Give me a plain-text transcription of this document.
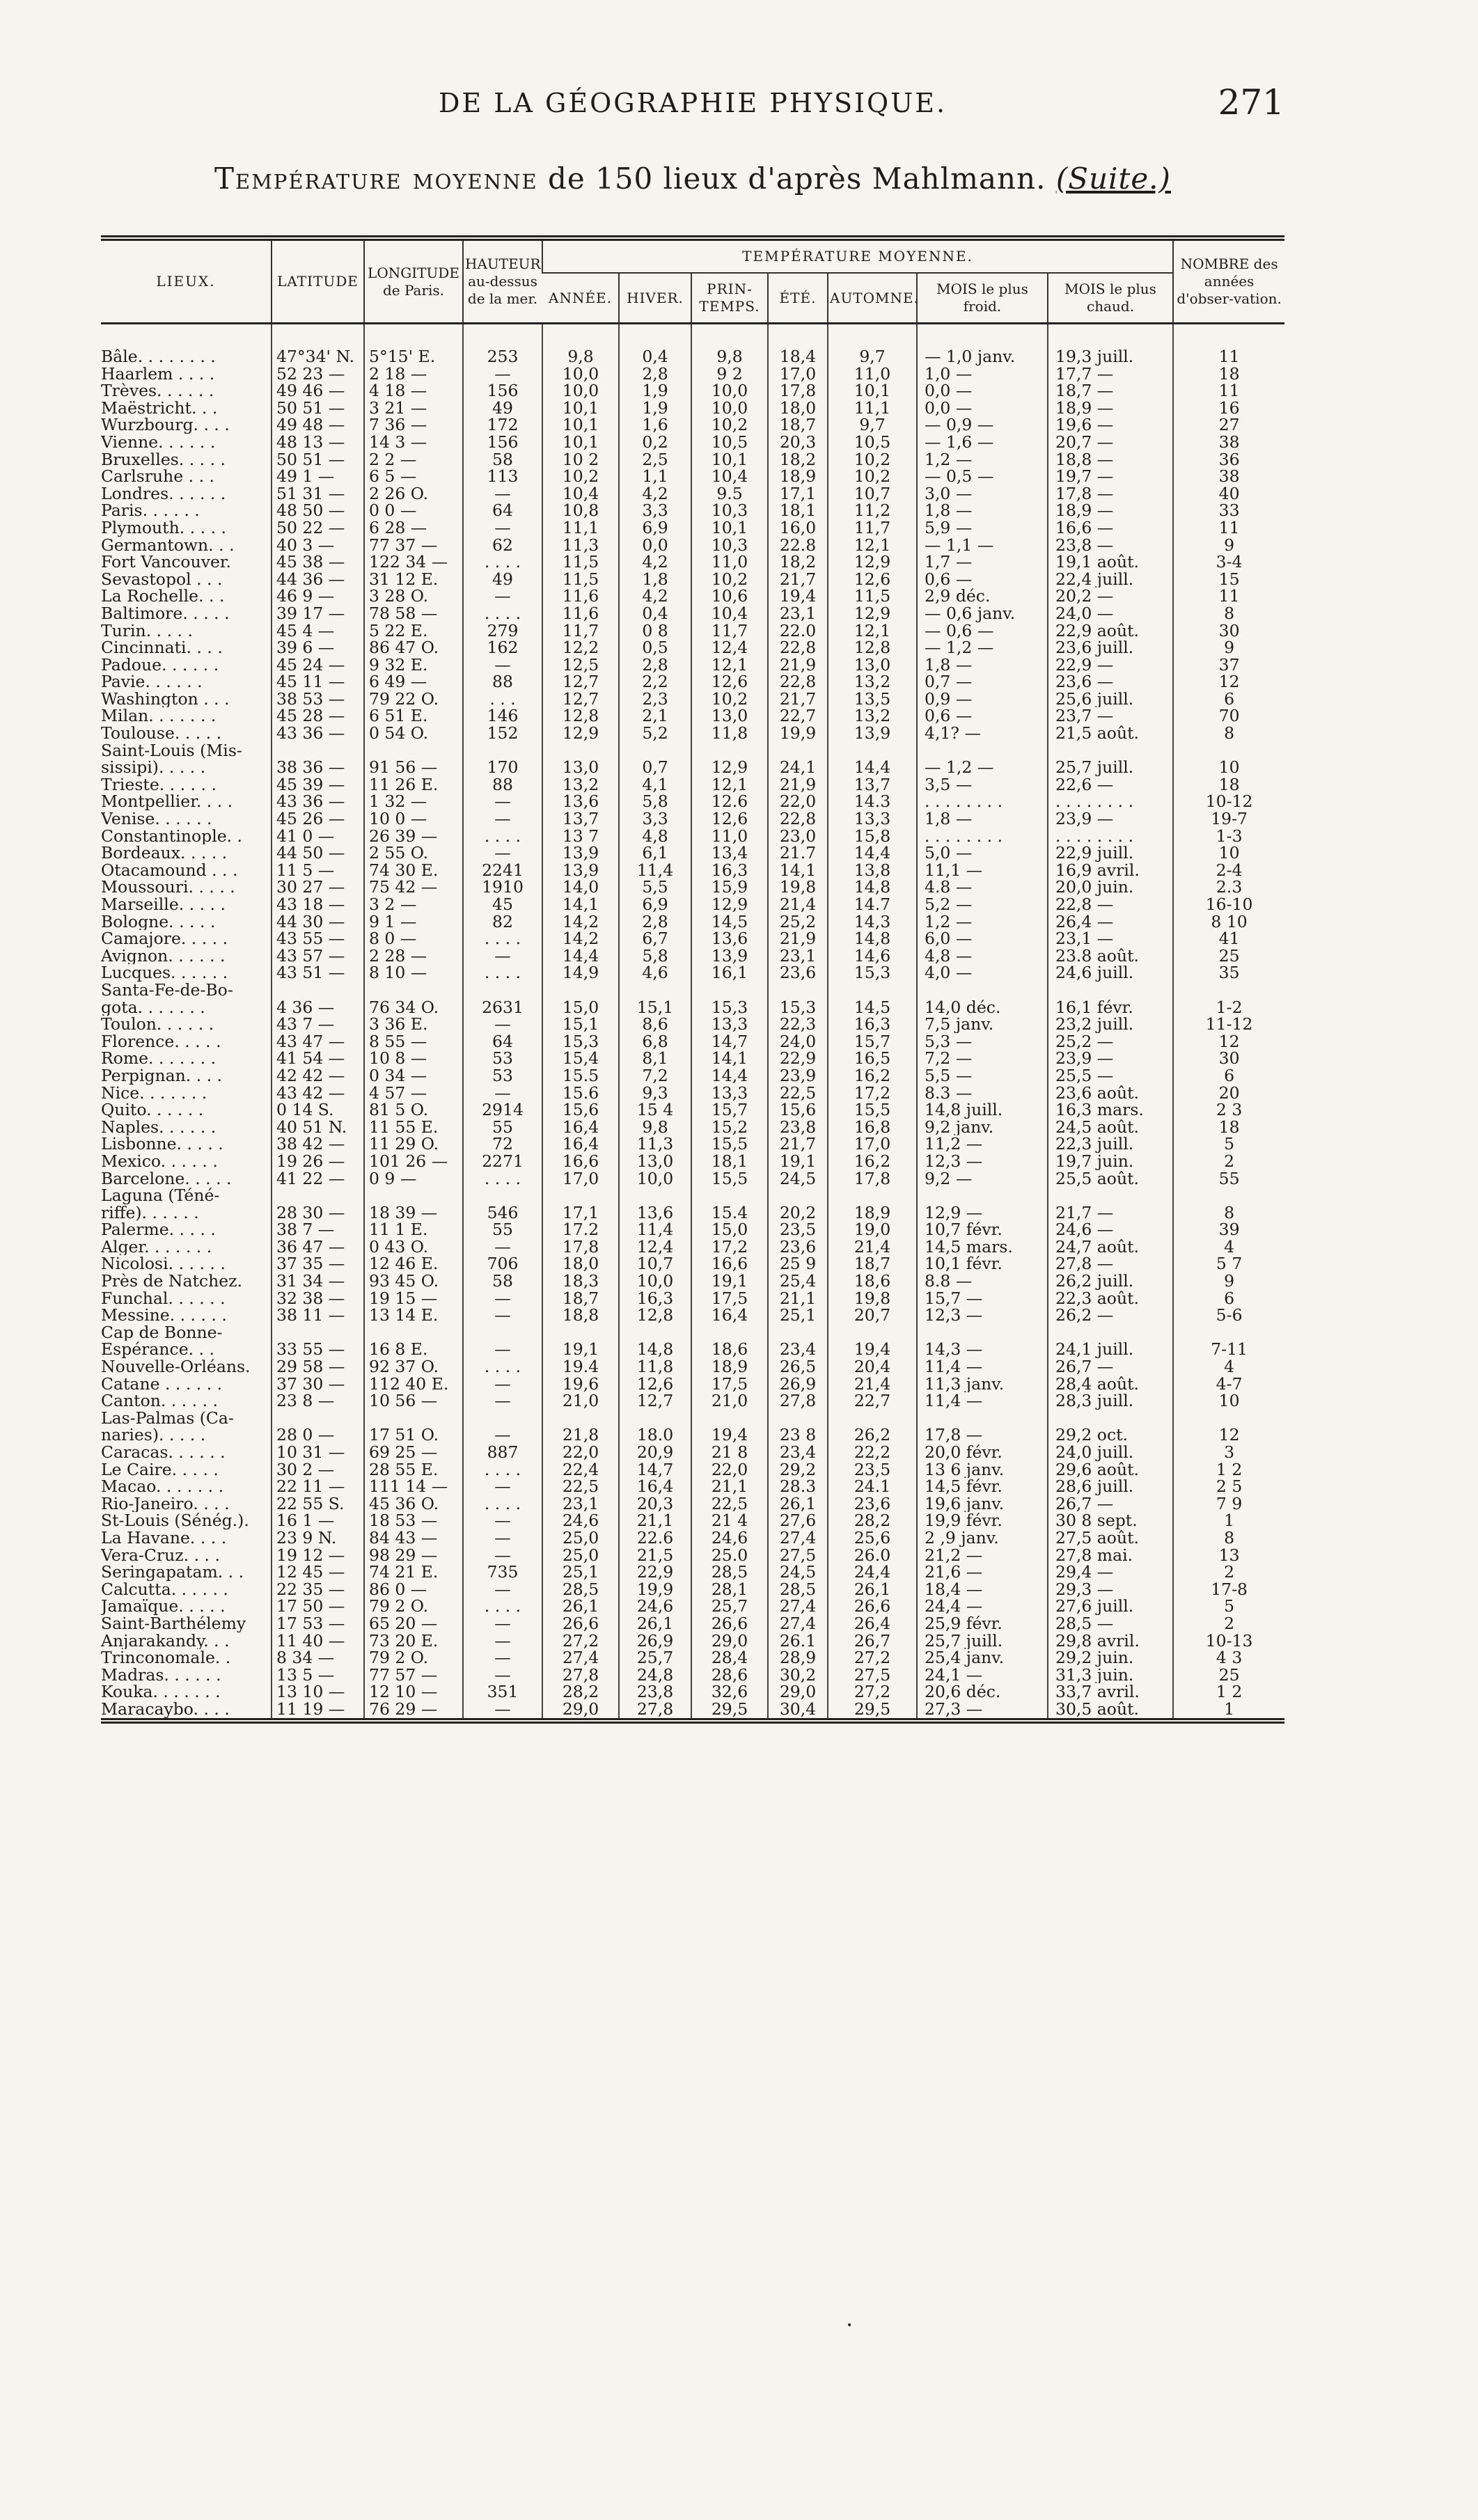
DE LA GÉOGRAPHIE PHYSIQUE.	271
Température moyenne de 150 lieux d'après Mahlmann. (Suite.)
LIEUX.	LATITUDE	LONGITUDE de Paris.	HAUTEUR au-dessus de la mer.	TEMPÉRATURE MOYENNE.							NOMBRE des années d'obser-vation.
				ANNÉE.	HIVER.	PRIN-TEMPS.	ÉTÉ.	AUTOMNE.	MOIS le plus froid.	MOIS le plus chaud.	

Bâle. . . . . . . .	47°34' N.	5°15' E.	253	9,8	0,4	9,8	18,4	9,7	— 1,0 janv.	19,3 juill.	11
Haarlem . . . .	52 23 —	2 18 —	—	10,0	2,8	9 2	17,0	11,0	1,0 —	17,7 —	18
Trèves. . . . . .	49 46 —	4 18 —	156	10,0	1,9	10,0	17,8	10,1	0,0 —	18,7 —	11
Maëstricht. . .	50 51 —	3 21 —	49	10,1	1,9	10,0	18,0	11,1	0,0 —	18,9 —	16
Wurzbourg. . . .	49 48 —	7 36 —	172	10,1	1,6	10,2	18,7	9,7	— 0,9 —	19,6 —	27
Vienne. . . . . .	48 13 —	14 3 —	156	10,1	0,2	10,5	20,3	10,5	— 1,6 —	20,7 —	38
Bruxelles. . . . .	50 51 —	2 2 —	58	10 2	2,5	10,1	18,2	10,2	1,2 —	18,8 —	36
Carlsruhe . . .	49 1 —	6 5 —	113	10,2	1,1	10,4	18,9	10,2	— 0,5 —	19,7 —	38
Londres. . . . . .	51 31 —	2 26 O.	—	10,4	4,2	9.5	17,1	10,7	3,0 —	17,8 —	40
Paris. . . . . .	48 50 —	0 0 —	64	10,8	3,3	10,3	18,1	11,2	1,8 —	18,9 —	33
Plymouth. . . . .	50 22 —	6 28 —	—	11,1	6,9	10,1	16,0	11,7	5,9 —	16,6 —	11
Germantown. . .	40 3 —	77 37 —	62	11,3	0,0	10,3	22.8	12,1	— 1,1 —	23,8 —	9
Fort Vancouver.	45 38 —	122 34 —	. . . .	11,5	4,2	11,0	18,2	12,9	1,7 —	19,1 août.	3-4
Sevastopol . . .	44 36 —	31 12 E.	49	11,5	1,8	10,2	21,7	12,6	0,6 —	22,4 juill.	15
La Rochelle. . .	46 9 —	3 28 O.	—	11,6	4,2	10,6	19,4	11,5	2,9 déc.	20,2 —	11
Baltimore. . . . .	39 17 —	78 58 —	. . . .	11,6	0,4	10,4	23,1	12,9	— 0,6 janv.	24,0 —	8
Turin. . . . .	45 4 —	5 22 E.	279	11,7	0 8	11,7	22.0	12,1	— 0,6 —	22,9 août.	30
Cincinnati. . . .	39 6 —	86 47 O.	162	12,2	0,5	12,4	22,8	12,8	— 1,2 —	23,6 juill.	9
Padoue. . . . . .	45 24 —	9 32 E.	—	12,5	2,8	12,1	21,9	13,0	1,8 —	22,9 —	37
Pavie. . . . . .	45 11 —	6 49 —	88	12,7	2,2	12,6	22,8	13,2	0,7 —	23,6 —	12
Washington . . .	38 53 —	79 22 O.	. . .	12,7	2,3	10,2	21,7	13,5	0,9 —	25,6 juill.	6
Milan. . . . . . .	45 28 —	6 51 E.	146	12,8	2,1	13,0	22,7	13,2	0,6 —	23,7 —	70
Toulouse. . . . .	43 36 —	0 54 O.	152	12,9	5,2	11,8	19,9	13,9	4,1? —	21,5 août.	8
Saint-Louis (Mis-											
sissipi). . . . .	38 36 —	91 56 —	170	13,0	0,7	12,9	24,1	14,4	— 1,2 —	25,7 juill.	10
Trieste. . . . . .	45 39 —	11 26 E.	88	13,2	4,1	12,1	21,9	13,7	3,5 —	22,6 —	18
Montpellier. . . .	43 36 —	1 32 —	—	13,6	5,8	12.6	22,0	14.3	. . . . . . . .	. . . . . . . .	10-12
Venise. . . . . .	45 26 —	10 0 —	—	13,7	3,3	12,6	22,8	13,3	1,8 —	23,9 —	19-7
Constantinople. .	41 0 —	26 39 —	. . . .	13 7	4,8	11,0	23,0	15,8	. . . . . . . .	. . . . . . . .	1-3
Bordeaux. . . . .	44 50 —	2 55 O.	—	13,9	6,1	13,4	21.7	14,4	5,0 —	22,9 juill.	10
Otacamound . . .	11 5 —	74 30 E.	2241	13,9	11,4	16,3	14,1	13,8	11,1 —	16,9 avril.	2-4
Moussouri. . . . .	30 27 —	75 42 —	1910	14,0	5,5	15,9	19,8	14,8	4.8 —	20,0 juin.	2.3
Marseille. . . . .	43 18 —	3 2 —	45	14,1	6,9	12,9	21,4	14.7	5,2 —	22,8 —	16-10
Bologne. . . . .	44 30 —	9 1 —	82	14,2	2,8	14,5	25,2	14,3	1,2 —	26,4 —	8 10
Camajore. . . . .	43 55 —	8 0 —	. . . .	14,2	6,7	13,6	21,9	14,8	6,0 —	23,1 —	41
Avignon. . . . . .	43 57 —	2 28 —	—	14,4	5,8	13,9	23,1	14,6	4,8 —	23.8 août.	25
Lucques. . . . . .	43 51 —	8 10 —	. . . .	14,9	4,6	16,1	23,6	15,3	4,0 —	24,6 juill.	35
Santa-Fe-de-Bo-											
gota. . . . . . .	4 36 —	76 34 O.	2631	15,0	15,1	15,3	15,3	14,5	14,0 déc.	16,1 févr.	1-2
Toulon. . . . . .	43 7 —	3 36 E.	—	15,1	8,6	13,3	22,3	16,3	7,5 janv.	23,2 juill.	11-12
Florence. . . . .	43 47 —	8 55 —	64	15,3	6,8	14,7	24,0	15,7	5,3 —	25,2 —	12
Rome. . . . . . .	41 54 —	10 8 —	53	15,4	8,1	14,1	22,9	16,5	7,2 —	23,9 —	30
Perpignan. . . .	42 42 —	0 34 —	53	15.5	7,2	14,4	23,9	16,2	5,5 —	25,5 —	6
Nice. . . . . . .	43 42 —	4 57 —	—	15.6	9,3	13,3	22,5	17,2	8.3 —	23,6 août.	20
Quito. . . . . .	0 14 S.	81 5 O.	2914	15,6	15 4	15,7	15,6	15,5	14,8 juill.	16,3 mars.	2 3
Naples. . . . . .	40 51 N.	11 55 E.	55	16,4	9,8	15,2	23,8	16,8	9,2 janv.	24,5 août.	18
Lisbonne. . . . .	38 42 —	11 29 O.	72	16,4	11,3	15,5	21,7	17,0	11,2 —	22,3 juill.	5
Mexico. . . . . .	19 26 —	101 26 —	2271	16,6	13,0	18,1	19,1	16,2	12,3 —	19,7 juin.	2
Barcelone. . . . .	41 22 —	0 9 —	. . . .	17,0	10,0	15,5	24,5	17,8	9,2 —	25,5 août.	55
Laguna (Téné-											
riffe). . . . . .	28 30 —	18 39 —	546	17,1	13,6	15.4	20,2	18,9	12,9 —	21,7 —	8
Palerme. . . . .	38 7 —	11 1 E.	55	17.2	11,4	15,0	23,5	19,0	10,7 févr.	24,6 —	39
Alger. . . . . . .	36 47 —	0 43 O.	—	17,8	12,4	17,2	23,6	21,4	14,5 mars.	24,7 août.	4
Nicolosi. . . . . .	37 35 —	12 46 E.	706	18,0	10,7	16,6	25 9	18,7	10,1 févr.	27,8 —	5 7
Près de Natchez.	31 34 —	93 45 O.	58	18,3	10,0	19,1	25,4	18,6	8.8 —	26,2 juill.	9
Funchal. . . . . .	32 38 —	19 15 —	—	18,7	16,3	17,5	21,1	19,8	15,7 —	22,3 août.	6
Messine. . . . . .	38 11 —	13 14 E.	—	18,8	12,8	16,4	25,1	20,7	12,3 —	26,2 —	5-6
Cap de Bonne-											
Espérance. . .	33 55 —	16 8 E.	—	19,1	14,8	18,6	23,4	19,4	14,3 —	24,1 juill.	7-11
Nouvelle-Orléans.	29 58 —	92 37 O.	. . . .	19.4	11,8	18,9	26,5	20,4	11,4 —	26,7 —	4
Catane . . . . . .	37 30 —	112 40 E.	—	19,6	12,6	17,5	26,9	21,4	11,3 janv.	28,4 août.	4-7
Canton. . . . . .	23 8 —	10 56 —	—	21,0	12,7	21,0	27,8	22,7	11,4 —	28,3 juill.	10
Las-Palmas (Ca-											
naries). . . . .	28 0 —	17 51 O.	—	21,8	18.0	19,4	23 8	26,2	17,8 —	29,2 oct.	12
Caracas. . . . . .	10 31 —	69 25 —	887	22,0	20,9	21 8	23,4	22,2	20,0 févr.	24,0 juill.	3
Le Caire. . . . .	30 2 —	28 55 E.	. . . .	22,4	14,7	22,0	29,2	23,5	13 6 janv.	29,6 août.	1 2
Macao. . . . . . .	22 11 —	111 14 —	—	22,5	16,4	21,1	28.3	24.1	14,5 févr.	28,6 juill.	2 5
Rio-Janeiro. . . .	22 55 S.	45 36 O.	. . . .	23,1	20,3	22,5	26,1	23,6	19,6 janv.	26,7 —	7 9
St-Louis (Sénég.).	16 1 —	18 53 —	—	24,6	21,1	21 4	27,6	28,2	19,9 févr.	30 8 sept.	1
La Havane. . . .	23 9 N.	84 43 —	—	25,0	22.6	24,6	27,4	25,6	2 ,9 janv.	27,5 août.	8
Vera-Cruz. . . .	19 12 —	98 29 —	—	25,0	21,5	25.0	27,5	26.0	21,2 —	27,8 mai.	13
Seringapatam. . .	12 45 —	74 21 E.	735	25,1	22,9	28,5	24,5	24,4	21,6 —	29,4 —	2
Calcutta. . . . . .	22 35 —	86 0 —	—	28,5	19,9	28,1	28,5	26,1	18,4 —	29,3 —	17-8
Jamaïque. . . . .	17 50 —	79 2 O.	. . . .	26,1	24,6	25,7	27,4	26,6	24,4 —	27,6 juill.	5
Saint-Barthélemy	17 53 —	65 20 —	—	26,6	26,1	26,6	27,4	26,4	25,9 févr.	28,5 —	2
Anjarakandy. . .	11 40 —	73 20 E.	—	27,2	26,9	29,0	26.1	26,7	25,7 juill.	29,8 avril.	10-13
Trinconomale. .	8 34 —	79 2 O.	—	27,4	25,7	28,4	28,9	27,2	25,4 janv.	29,2 juin.	4 3
Madras. . . . . .	13 5 —	77 57 —	—	27,8	24,8	28,6	30,2	27,5	24,1 —	31,3 juin.	25
Kouka. . . . . . .	13 10 —	12 10 —	351	28,2	23,8	32,6	29,0	27,2	20,6 déc.	33,7 avril.	1 2
Maracaybo. . . .	11 19 —	76 29 —	—	29,0	27,8	29,5	30,4	29,5	27,3 —	30,5 août.	1
•
